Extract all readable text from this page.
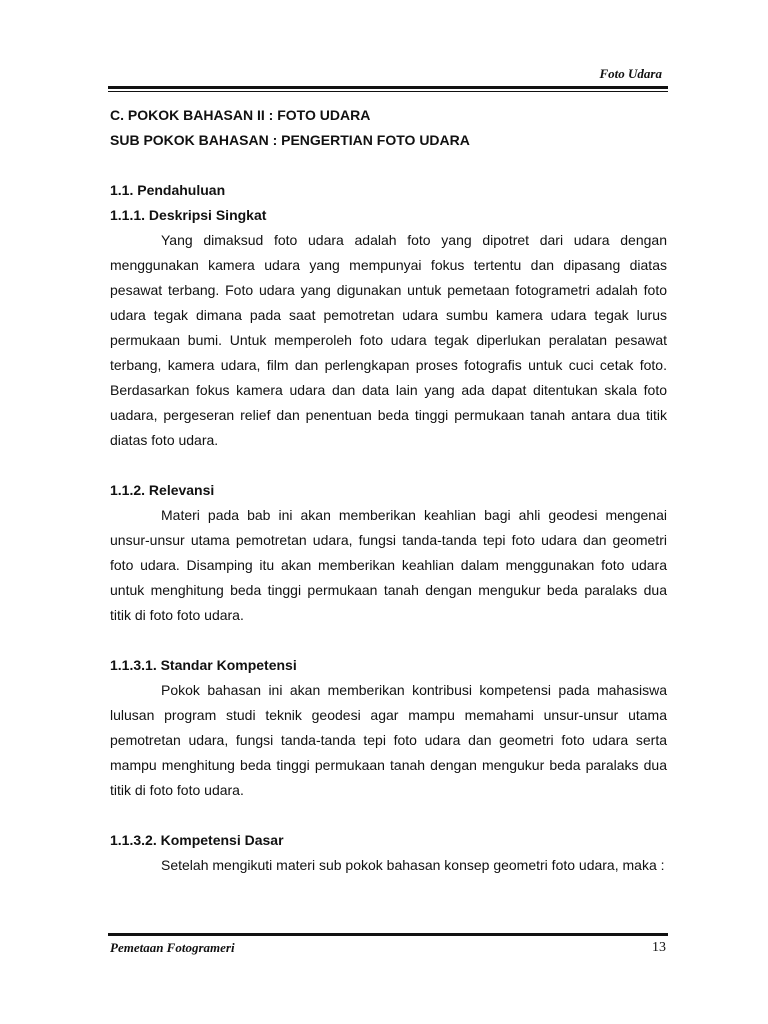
Foto Udara

C. POKOK BAHASAN II : FOTO UDARA

SUB POKOK BAHASAN : PENGERTIAN FOTO UDARA

1.1. Pendahuluan

1.1.1. Deskripsi Singkat

Yang dimaksud foto udara adalah foto yang dipotret dari udara dengan menggunakan kamera udara yang mempunyai fokus tertentu dan dipasang diatas pesawat terbang. Foto udara yang digunakan untuk pemetaan fotogrametri adalah foto udara tegak dimana pada saat pemotretan udara sumbu kamera udara tegak lurus permukaan bumi. Untuk memperoleh foto udara tegak diperlukan peralatan pesawat terbang, kamera udara, film dan perlengkapan proses fotografis untuk cuci cetak foto. Berdasarkan fokus kamera udara dan data lain yang ada dapat ditentukan skala foto uadara, pergeseran relief dan penentuan beda tinggi permukaan tanah antara dua titik diatas foto udara.

1.1.2. Relevansi

Materi pada bab ini akan memberikan keahlian bagi ahli geodesi mengenai unsur-unsur utama pemotretan udara, fungsi tanda-tanda tepi foto udara dan geometri foto udara. Disamping itu akan memberikan keahlian dalam menggunakan foto udara untuk menghitung beda tinggi permukaan tanah dengan mengukur beda paralaks dua titik di foto foto udara.

1.1.3.1. Standar Kompetensi

Pokok bahasan ini akan memberikan kontribusi kompetensi pada mahasiswa lulusan program studi teknik geodesi agar mampu memahami unsur-unsur utama pemotretan udara, fungsi tanda-tanda tepi foto udara dan geometri foto udara serta mampu menghitung beda tinggi permukaan tanah dengan mengukur beda paralaks dua titik di foto foto udara.

1.1.3.2. Kompetensi Dasar

Setelah mengikuti materi sub pokok bahasan konsep geometri foto udara, maka :

Pemetaan Fotogrameri	13
